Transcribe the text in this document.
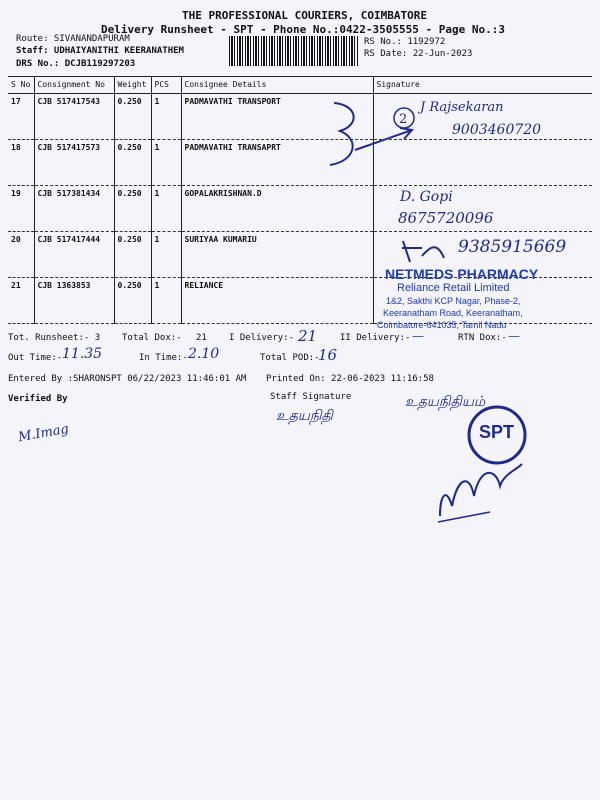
THE PROFESSIONAL COURIERS, COIMBATORE
Delivery Runsheet - SPT - Phone No.:0422-3505555 - Page No.:3
Route: SIVANANDAPURAM
Staff: UDHAIYANITHI KEERANATHEM
DRS No.: DCJB119297203
RS No.: 1192972
RS Date: 22-Jun-2023
S No	Consignment No	Weight	PCS	Consignee Details	Signature
17	CJB 517417543	0.250	1	PADMAVATHI TRANSPORT	
18	CJB 517417573	0.250	1	PADMAVATHI TRANSAPRT	
19	CJB 517381434	0.250	1	GOPALAKRISHNAN.D	
20	CJB 517417444	0.250	1	SURIYAA KUMARIU	
21	CJB 1363853	0.250	1	RELIANCE	
2
J Rajsekaran
9003460720
D. Gopi
8675720096
9385915669
NETMEDS PHARMACY
Reliance Retail Limited
1&2, Sakthi KCP Nagar, Phase-2,
Keeranatham Road, Keeranatham,
Coimbatore-641035, Tamil Nadu
Tot. Runsheet:- 3 Total Dox:- 21 I Delivery:- 21	II Delivery:- —	RTN Dox:- —
Out Time:- 11.35	In Time:- 2.10	Total POD:-
16
Entered By :SHARONSPT 06/22/2023 11:46:01 AM Printed On: 22-06-2023 11:16:58
Verified By	Staff Signature
M.Imag
உதயநிதி
உதயநிதியம்
SPT
